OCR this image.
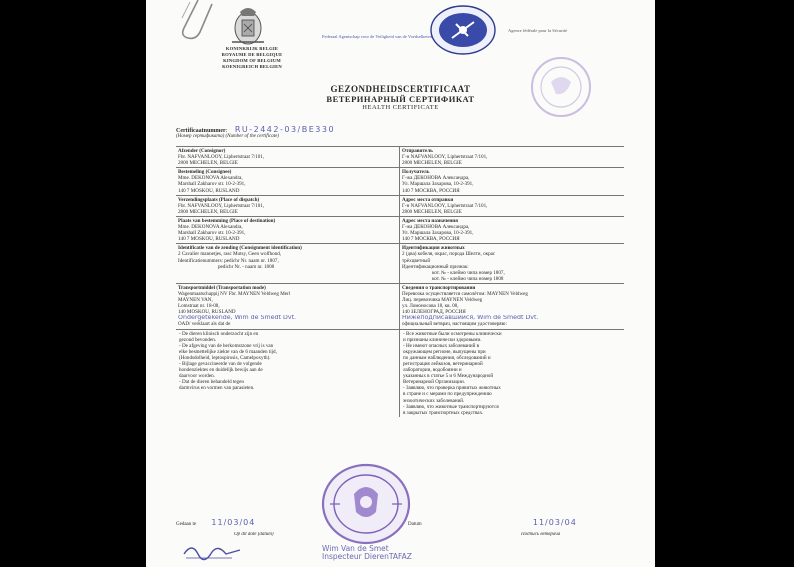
KONINKRIJK BELGIE
ROYAUME DE BELGIQUE
KINGDOM OF BELGIUM
KOENIGREICH BELGIEN
Federaal Agentschap voor de Veiligheid van de Voedselketen
Agence fédérale pour la Sécurité
GEZONDHEIDSCERTIFICAAT
ВЕТЕРИНАРНЫЙ СЕРТИФИКАТ
HEALTH CERTIFICATE
Certificaatnummer: RU-2442-03/BE330
(Номер сертификата) (Number of the certificate)
Afzender (Consignor)
Fbr. NAFVANLOOY, Liphertstraat 7/101,
2800 MECHELEN, BELGIE
Отправитель
Г-н NAFVANLOOY, Liphertstraat 7/101,
2800 MECHELEN, BELGIE
Bestemeling (Consignee)
Mme. DEKONOVA Alexandra,
Marshall Zakharov str. 10-2-391,
140 7 MOSKOU, RUSLAND
Получатель
Г-жа ДЕКОНОВА Александра,
Ул. Маршала Захарова, 10-2-391,
140 7 МОСКВА, РОССИЯ
Verzendingsplaats (Place of dispatch)
Fbr. NAFVANLOOY, Liphertstraat 7/101,
2800 MECHELEN, BELGIE
Адрес места отправки
Г-н NAFVANLOOY, Liphertstraat 7/101,
2800 MECHELEN, BELGIE
Plaats van bestemming (Place of destination)
Mme. DEKONOVA Alexandra,
Marshall Zakharov str. 10-2-391,
140 7 MOSKOU, RUSLAND
Адрес места назначения
Г-жа ДЕКОНОВА Александра,
Ул. Маршала Захарова, 10-2-391,
140 7 МОСКВА, РОССИЯ
Identificatie van de zending (Consignment identification)
2 Cavalier mannetjes, rasc Mutsy, Geen wolfhond,
Identificatienummers: pedichr Nr. naam nr. 1807,
pedichr Nr. - naam nr. 1808
Идентификация животных
2 (два) кобеля, окрас, порода Шелти, окрас
трёхцветный
Идентификационный признак:
кот. № - клеймо чипа номер 1807,
кот. № - клеймо чипа номер 1808
Transportmiddel (Transportation mode)
Wagenmaatschappij NV Fbr. MAYNEN Veldweg Merl
MAYNEN VAN,
Lomstraat nr. 18-08,
140 MOSKOU, RUSLAND
Ondergetekende, Wim de Smedt Dvt.
OAD/ verklaart als dat de
Сведения о транспортировании
Перевозка осуществляется самолётом: MAYNEN Veldweg
Лиц. перевозчика MAYNEN Veldweg
ул. Ломоносова 18, кв. 08,
140 ЗЕЛЕНОГРАД, РОССИЯ
Нижеподписавшийся, Wim de Smedt Dvt.
официальный ветврач, настоящим удостоверяю:
- De dieren klinisch onderzocht zijn en
gezond bevonden.
- De afgeving van de herkomstzone vrij is van
elke besmettelijke ziekte van de 6 maanden tijd,
(Hondsdolheid, leptospirosis, Camelpoxyth).
- Bijlage gevaccineerde van de volgende
hondenziektes en duidelijk bewijs aan de
daarvoor worden.
- Dat de dieren behandeld tegen
darmvirus en vormen van parasieten.
- Все животные были осмотрены клинически
и признаны клинически здоровыми.
- Не имеют опасных заболеваний в
окружающем регионе, выпущены при
по данным наблюдения, обследований и
регистрация лейкозов, ветеринарной
лаборатории, водобоязни и
указанных в статье 5 и 6 Международной
Ветеринарной Организации.
- Заявляю, что проверка привитых животных
в стране и с мерами по предупреждению
энзоотических заболеваний.
- Заявляю, что животные транспортируются
в закрытых транспортных средствах.
Gedaan te 11/03/04
Op dit date (datum)
Datum	11/03/04
Подпись ветврача
Wim Van de Smet
Inspecteur DierenTAFAZ
